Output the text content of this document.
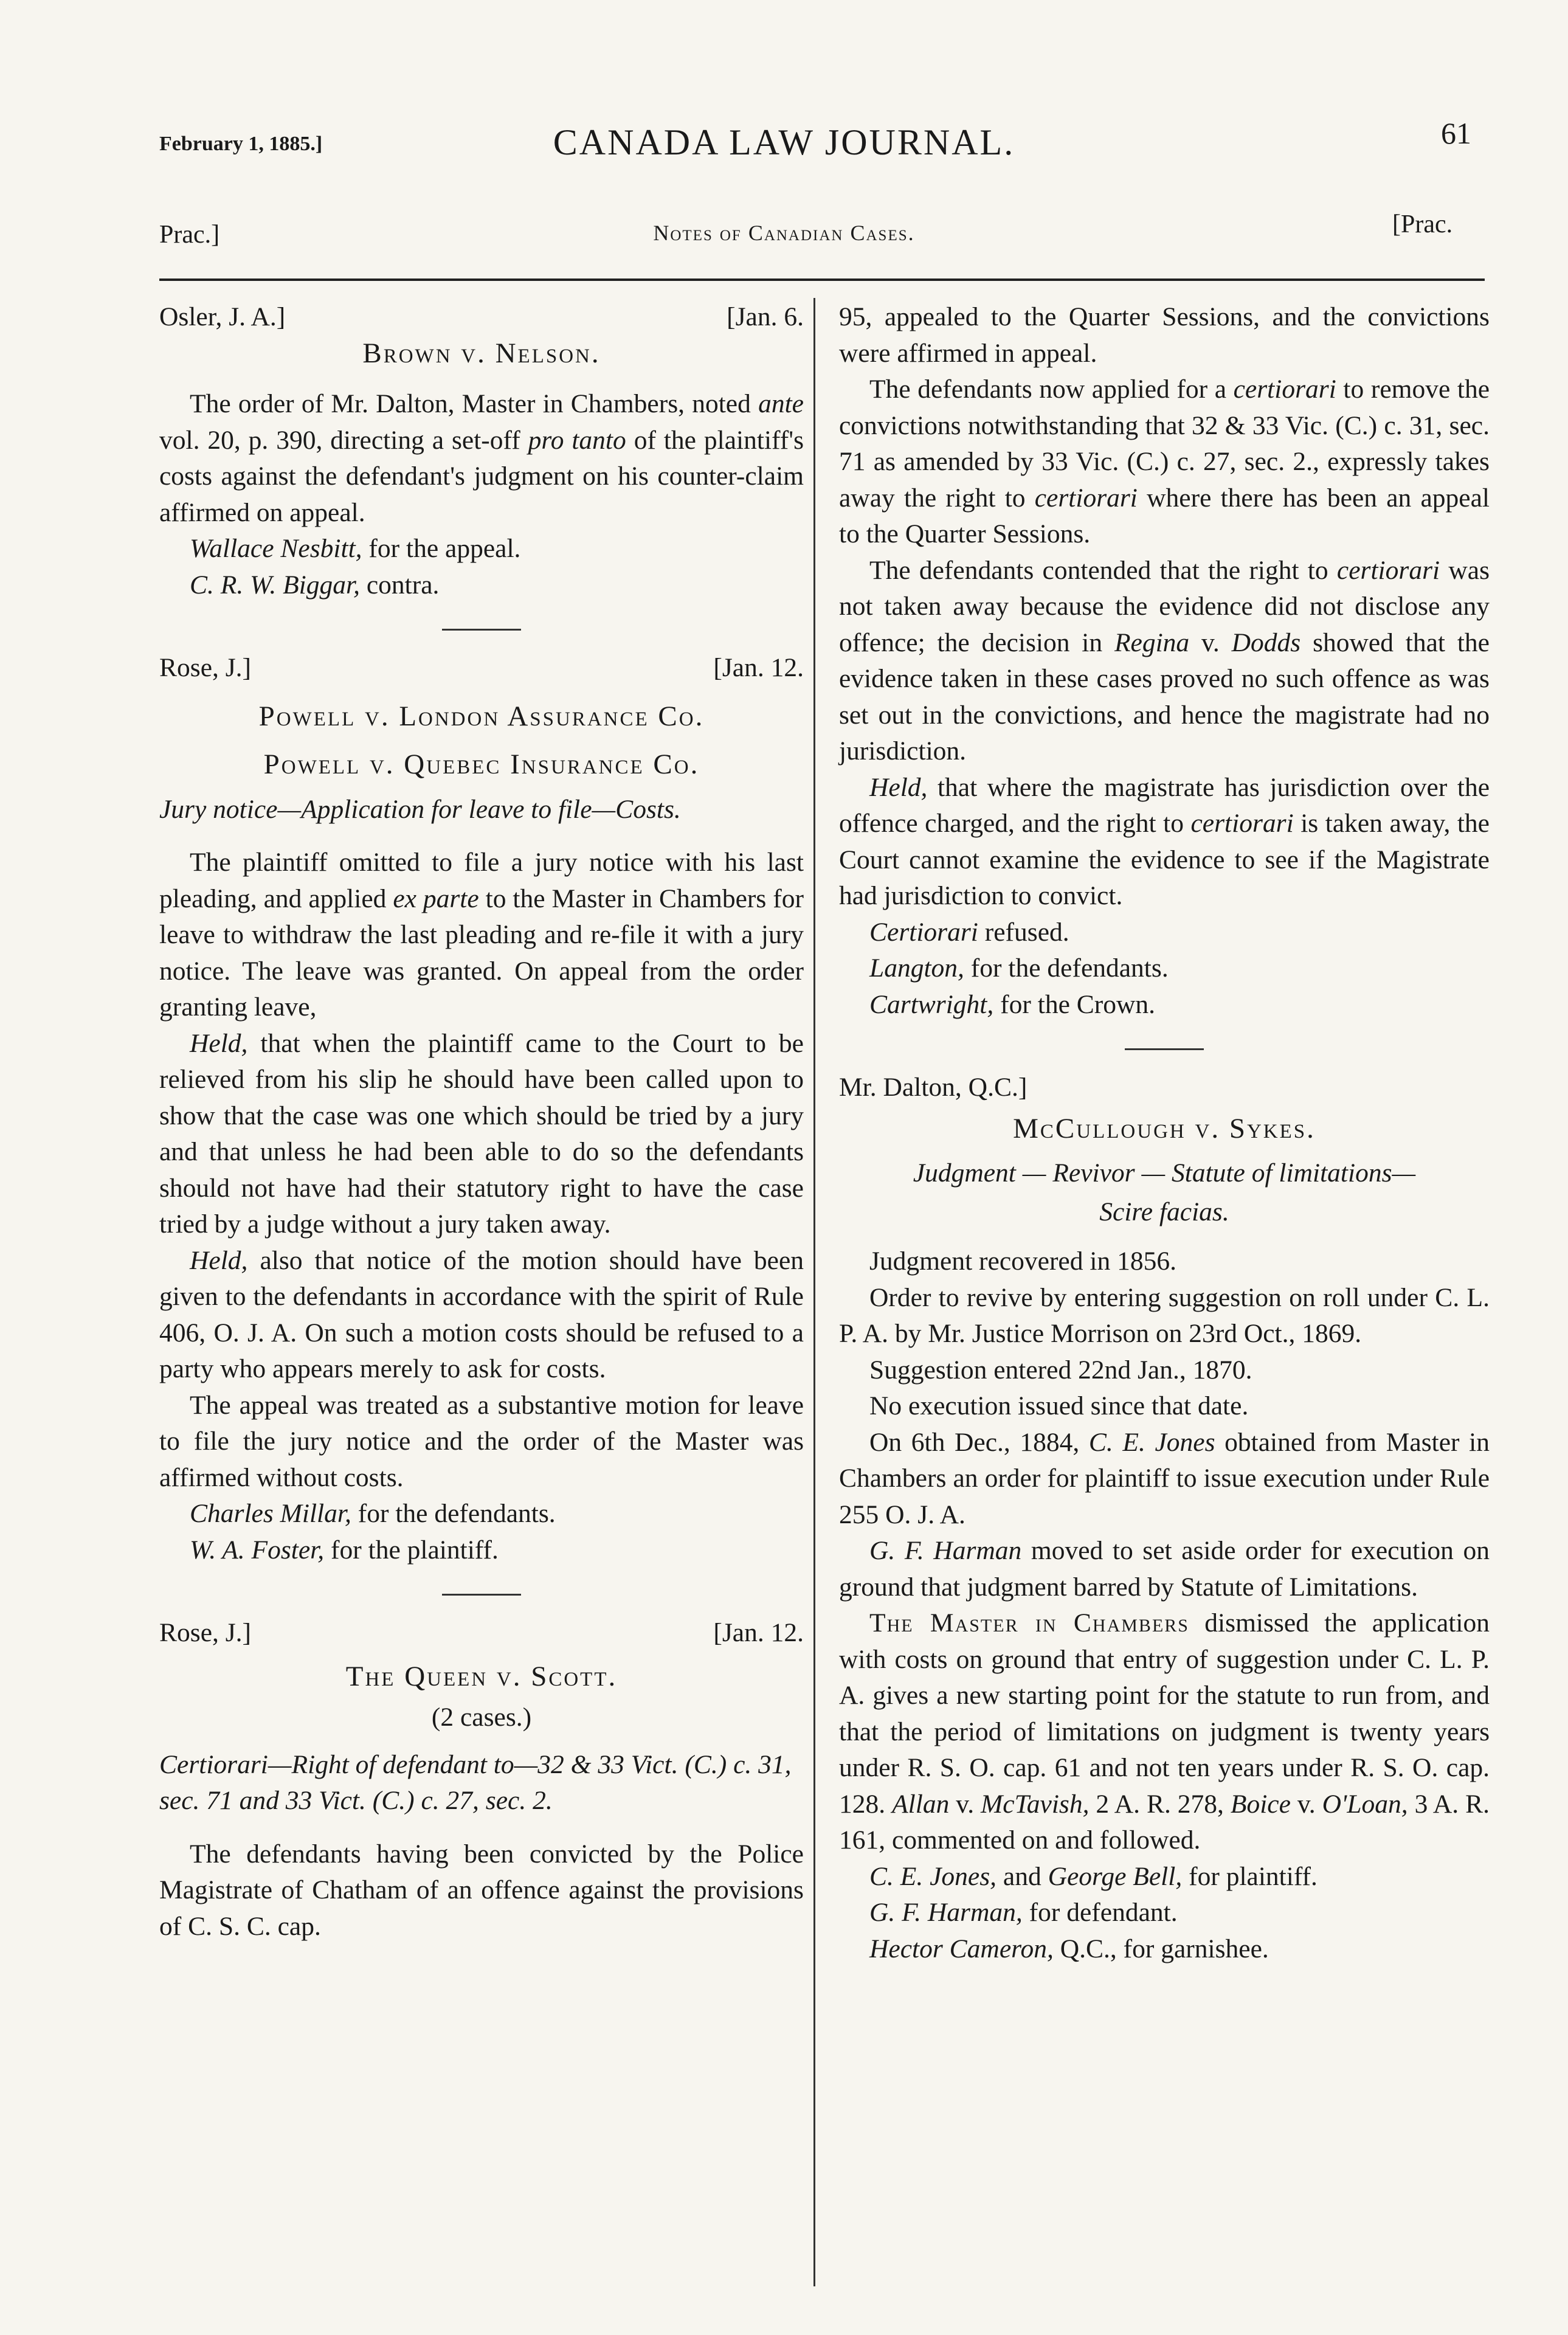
February 1, 1885.]	CANADA LAW JOURNAL.	61
Prac.]	Notes of Canadian Cases.	[Prac.
Osler, J. A.]	[Jan. 6.
Brown v. Nelson.

The order of Mr. Dalton, Master in Chambers, noted ante vol. 20, p. 390, directing a set-off pro tanto of the plaintiff's costs against the defendant's judgment on his counter-claim affirmed on appeal.

Wallace Nesbitt, for the appeal.
C. R. W. Biggar, contra.
Rose, J.]	[Jan. 12.
Powell v. London Assurance Co.
Powell v. Quebec Insurance Co.
Jury notice—Application for leave to file—Costs.

The plaintiff omitted to file a jury notice with his last pleading, and applied ex parte to the Master in Chambers for leave to withdraw the last pleading and re-file it with a jury notice. The leave was granted. On appeal from the order granting leave,

Held, that when the plaintiff came to the Court to be relieved from his slip he should have been called upon to show that the case was one which should be tried by a jury and that unless he had been able to do so the defendants should not have had their statutory right to have the case tried by a judge without a jury taken away.

Held, also that notice of the motion should have been given to the defendants in accordance with the spirit of Rule 406, O. J. A. On such a motion costs should be refused to a party who appears merely to ask for costs.

The appeal was treated as a substantive motion for leave to file the jury notice and the order of the Master was affirmed without costs.

Charles Millar, for the defendants.
W. A. Foster, for the plaintiff.
Rose, J.]	[Jan. 12.
The Queen v. Scott.
(2 cases.)
Certiorari—Right of defendant to—32 & 33 Vict. (C.) c. 31, sec. 71 and 33 Vict. (C.) c. 27, sec. 2.

The defendants having been convicted by the Police Magistrate of Chatham of an offence against the provisions of C. S. C. cap.

95, appealed to the Quarter Sessions, and the convictions were affirmed in appeal.

The defendants now applied for a certiorari to remove the convictions notwithstanding that 32 & 33 Vic. (C.) c. 31, sec. 71 as amended by 33 Vic. (C.) c. 27, sec. 2., expressly takes away the right to certiorari where there has been an appeal to the Quarter Sessions.

The defendants contended that the right to certiorari was not taken away because the evidence did not disclose any offence; the decision in Regina v. Dodds showed that the evidence taken in these cases proved no such offence as was set out in the convictions, and hence the magistrate had no jurisdiction.

Held, that where the magistrate has jurisdiction over the offence charged, and the right to certiorari is taken away, the Court cannot examine the evidence to see if the Magistrate had jurisdiction to convict.

Certiorari refused.
Langton, for the defendants.
Cartwright, for the Crown.
Mr. Dalton, Q.C.]
McCullough v. Sykes.
Judgment — Revivor — Statute of limitations—
Scire facias.

Judgment recovered in 1856.

Order to revive by entering suggestion on roll under C. L. P. A. by Mr. Justice Morrison on 23rd Oct., 1869.

Suggestion entered 22nd Jan., 1870.

No execution issued since that date.

On 6th Dec., 1884, C. E. Jones obtained from Master in Chambers an order for plaintiff to issue execution under Rule 255 O. J. A.

G. F. Harman moved to set aside order for execution on ground that judgment barred by Statute of Limitations.

The Master in Chambers dismissed the application with costs on ground that entry of suggestion under C. L. P. A. gives a new starting point for the statute to run from, and that the period of limitations on judgment is twenty years under R. S. O. cap. 61 and not ten years under R. S. O. cap. 128. Allan v. McTavish, 2 A. R. 278, Boice v. O'Loan, 3 A. R. 161, commented on and followed.

C. E. Jones, and George Bell, for plaintiff.
G. F. Harman, for defendant.
Hector Cameron, Q.C., for garnishee.
